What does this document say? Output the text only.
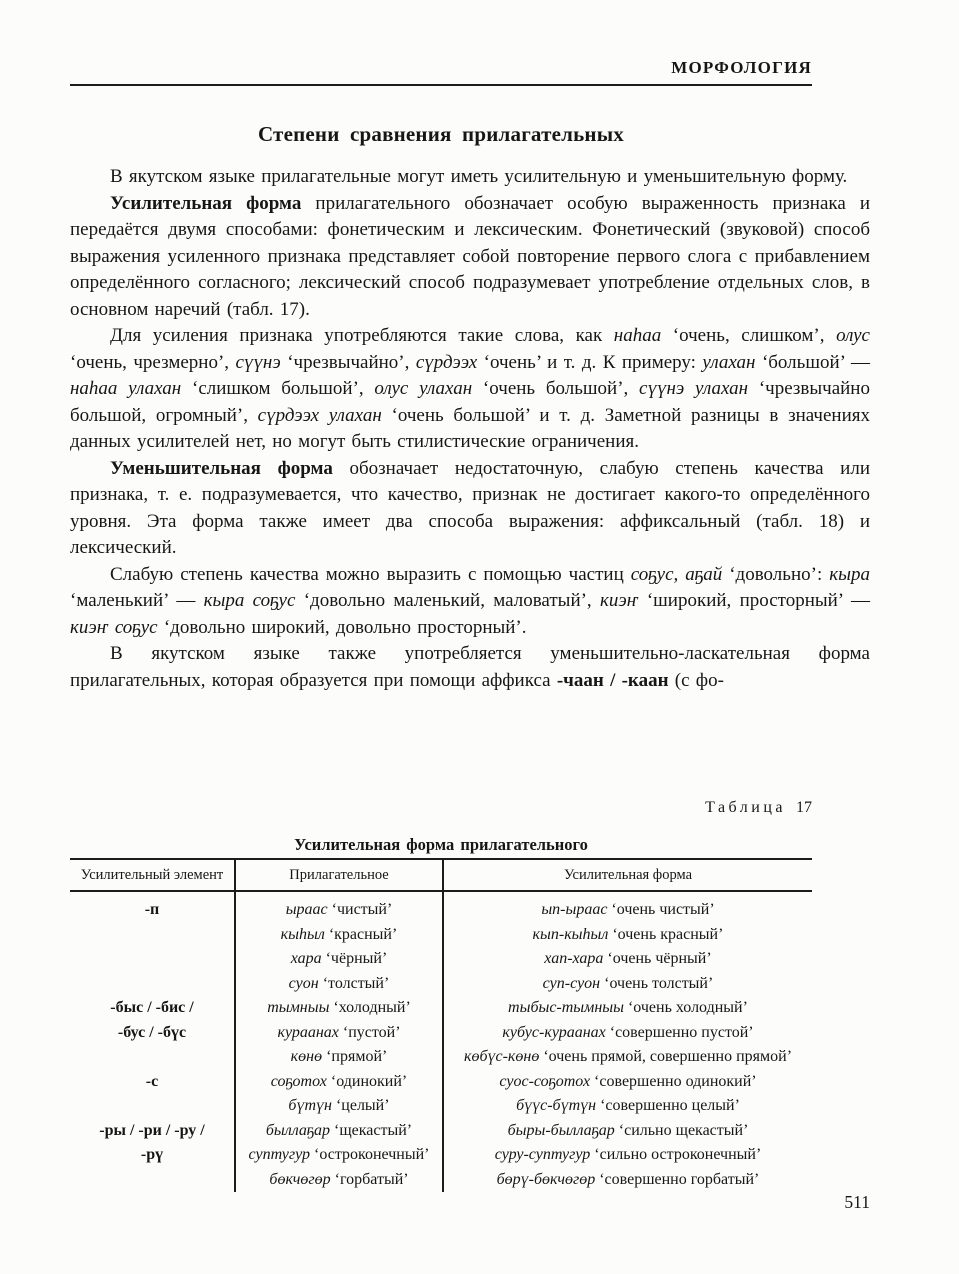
МОРФОЛОГИЯ
Степени сравнения прилагательных

В якутском языке прилагательные могут иметь усилительную и уменьшительную форму.

Усилительная форма прилагательного обозначает особую выраженность признака и передаётся двумя способами: фонетическим и лексическим. Фонетический (звуковой) способ выражения усиленного признака представляет собой повторение первого слога с прибавлением определённого согласного; лексический способ подразумевает употребление отдельных слов, в основном наречий (табл. 17).

Для усиления признака употребляются такие слова, как наһаа ‘очень, слишком’, олус ‘очень, чрезмерно’, сүүнэ ‘чрезвычайно’, сүрдээх ‘очень’ и т. д. К примеру: улахан ‘большой’ — наһаа улахан ‘слишком большой’, олус улахан ‘очень большой’, сүүнэ улахан ‘чрезвычайно большой, огромный’, сүрдээх улахан ‘очень большой’ и т. д. Заметной разницы в значениях данных усилителей нет, но могут быть стилистические ограничения.

Уменьшительная форма обозначает недостаточную, слабую степень качества или признака, т. е. подразумевается, что качество, признак не достигает какого-то определённого уровня. Эта форма также имеет два способа выражения: аффиксальный (табл. 18) и лексический.

Слабую степень качества можно выразить с помощью частиц соҕус, аҕай ‘довольно’: кыра ‘маленький’ — кыра соҕус ‘довольно маленький, маловатый’, киэҥ ‘широкий, просторный’ — киэҥ соҕус ‘довольно широкий, довольно просторный’.

В якутском языке также употребляется уменьшительно-ласкательная форма прилагательных, которая образуется при помощи аффикса -чаан / -каан (с фо-

Таблица 17
Усилительная форма прилагательного
Усилительный элемент	Прилагательное	Усилительная форма
-п	ыраас ‘чистый’	ып-ыраас ‘очень чистый’
	кыһыл ‘красный’	кып-кыһыл ‘очень красный’
	хара ‘чёрный’	хап-хара ‘очень чёрный’
	суон ‘толстый’	суп-суон ‘очень толстый’
-быс / -бис /	тымныы ‘холодный’	тыбыс-тымныы ‘очень холодный’
-бус / -бүс	кураанах ‘пустой’	кубус-кураанах ‘совершенно пустой’
	көнө ‘прямой’	көбүс-көнө ‘очень прямой, совершенно прямой’
-с	соҕотох ‘одинокий’	суос-соҕотох ‘совершенно одинокий’
	бүтүн ‘целый’	бүүс-бүтүн ‘совершенно целый’
-ры / -ри / -ру /	быллаҕар ‘щекастый’	быры-быллаҕар ‘сильно щекастый’
-рү	суптугур ‘остроконечный’	суру-суптугур ‘сильно остроконечный’
	бөкчөгөр ‘горбатый’	бөрү-бөкчөгөр ‘совершенно горбатый’
511
